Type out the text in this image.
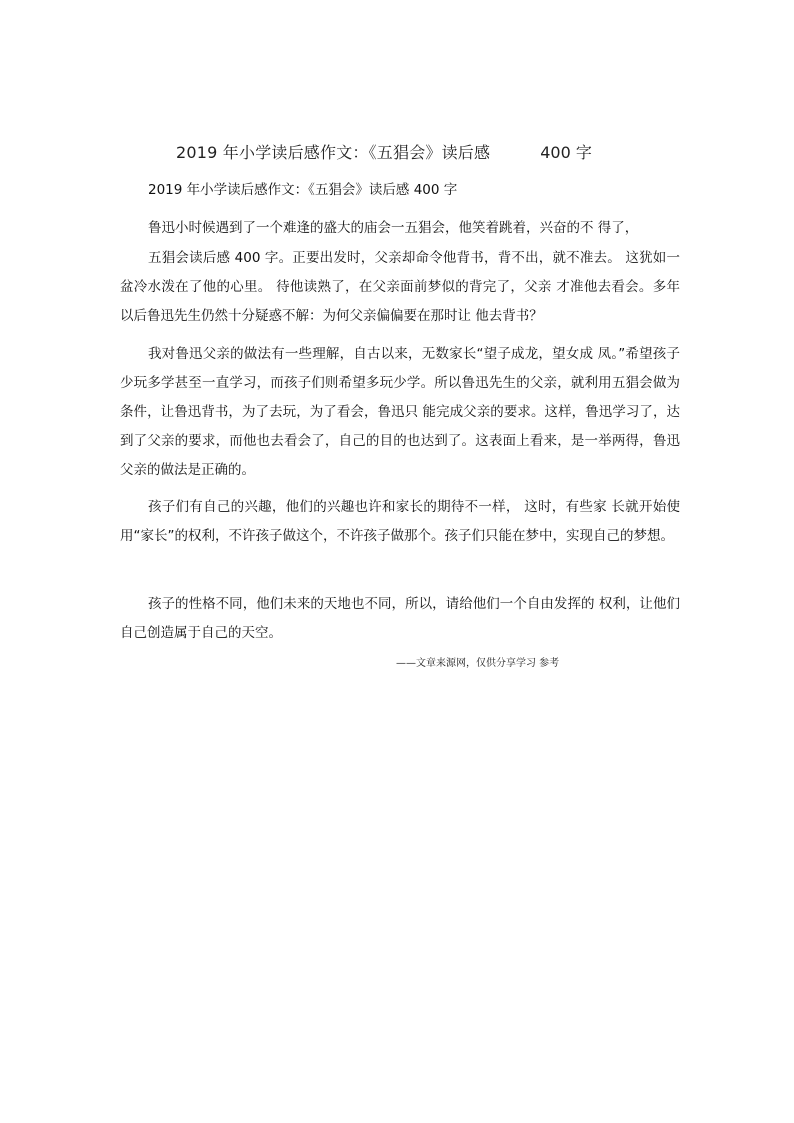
2019 年小学读后感作文：《五猖会》读后感	400 字
2019 年小学读后感作文：《五猖会》读后感 400 字

鲁迅小时候遇到了一个难逢的盛大的庙会一五猖会，他笑着跳着，兴奋的不 得了，

五猖会读后感 400 字。正要出发时，父亲却命令他背书，背不出，就不准去。 这犹如一盆冷水泼在了他的心里。 待他读熟了，在父亲面前梦似的背完了，父亲 才准他去看会。多年以后鲁迅先生仍然十分疑惑不解：为何父亲偏偏要在那时让 他去背书？

我对鲁迅父亲的做法有一些理解，自古以来，无数家长“望子成龙，望女成 凤。”希望孩子少玩多学甚至一直学习，而孩子们则希望多玩少学。所以鲁迅先生的父亲，就利用五猖会做为条件，让鲁迅背书，为了去玩，为了看会，鲁迅只 能完成父亲的要求。这样，鲁迅学习了，达到了父亲的要求，而他也去看会了，自己的目的也达到了。这表面上看来，是一举两得，鲁迅父亲的做法是正确的。

孩子们有自己的兴趣，他们的兴趣也许和家长的期待不一样， 这时，有些家 长就开始使用“家长”的权利，不许孩子做这个，不许孩子做那个。孩子们只能在梦中，实现自己的梦想。

孩子的性格不同，他们未来的天地也不同，所以，请给他们一个自由发挥的 权利，让他们自己创造属于自己的天空。

——文章来源网，仅供分享学习 参考
